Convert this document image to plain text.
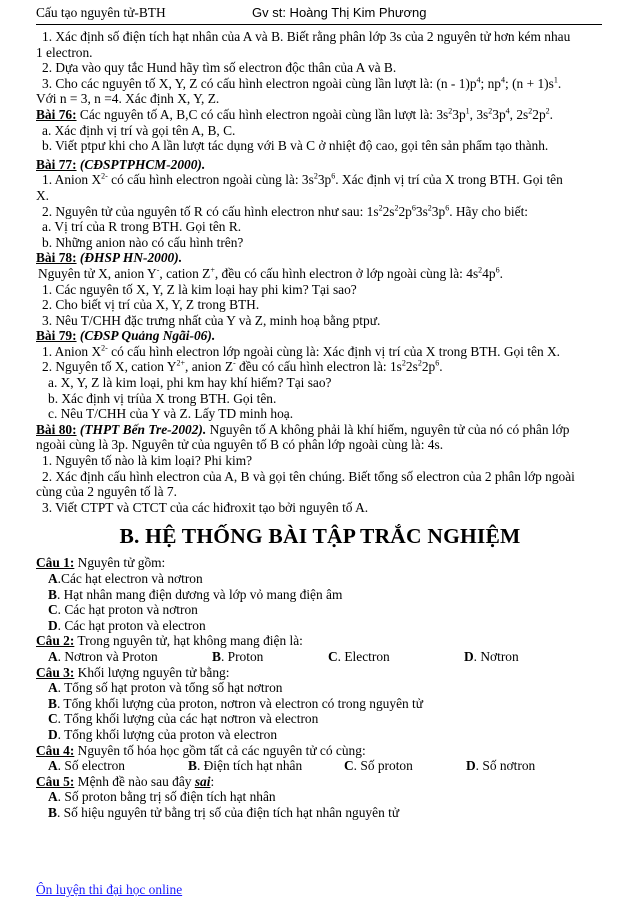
Cấu tạo nguyên tử-BTH	Gv st: Hoàng Thị Kim Phương
1. Xác định số điện tích hạt nhân của A và B. Biết rằng phân lớp 3s của 2 nguyên tử hơn kém nhau
1 electron.
2. Dựa vào quy tắc Hund hãy tìm số electron độc thân của A và B.
3. Cho các nguyên tố X, Y, Z có cấu hình electron ngoài cùng lần lượt là: $(n - 1)p^4$; $np^4$; $(n + 1)s^1$.
Với n = 3, n =4. Xác định X, Y, Z.
Bài 76: Các nguyên tố A, B,C có cấu hình electron ngoài cùng lần lượt là: $3s^23p^1$, $3s^23p^4$, $2s^22p^2$.
a. Xác định vị trí và gọi tên A, B, C.
b. Viết ptpư khi cho A lần lượt tác dụng với B và C ở nhiệt độ cao, gọi tên sản phẩm tạo thành.
Bài 77: (CĐSPTPHCM-2000).
1. Anion $X^{2-}$ có cấu hình electron ngoài cùng là: $3s^23p^6$. Xác định vị trí của X trong BTH. Gọi tên
X.
2. Nguyên tử của nguyên tố R có cấu hình electron như sau: $1s^22s^22p^63s^23p^6$. Hãy cho biết:
a. Vị trí của R trong BTH. Gọi tên R.
b. Những anion nào có cấu hình trên?
Bài 78: (ĐHSP HN-2000).
Nguyên tử X, anion Y-, cation Z+, đều có cấu hình electron ở lớp ngoài cùng là: $4s^24p^6$.
1. Các nguyên tố X, Y, Z là kim loại hay phi kim? Tại sao?
2. Cho biết vị trí của X, Y, Z trong BTH.
3. Nêu T/CHH đặc trưng nhất của Y và Z, minh hoạ bằng ptpư.
Bài 79: (CĐSP Quảng Ngãi-06).
1. Anion $X^{2-}$ có cấu hình electron lớp ngoài cùng là: Xác định vị trí của X trong BTH. Gọi tên X.
2. Nguyên tố X, cation $Y^{2+}$, anion Z- đều có cấu hình electron là: $1s^22s^22p^6$.
a. X, Y, Z là kim loại, phi km hay khí hiếm? Tại sao?
b. Xác định vị tríủa X trong BTH. Gọi tên.
c. Nêu T/CHH của Y và Z. Lấy TD minh hoạ.
Bài 80: (THPT Bến Tre-2002). Nguyên tố A không phải là khí hiếm, nguyên tử của nó có phân lớp
ngoài cùng là 3p. Nguyên tử của nguyên tố B có phân lớp ngoài cùng là: 4s.
1. Nguyên tố nào là kim loại? Phi kim?
2. Xác định cấu hình electron của A, B và gọi tên chúng. Biết tổng số electron của 2 phân lớp ngoài
cùng của 2 nguyên tố là 7.
3. Viết CTPT và CTCT của các hiđroxit tạo bởi nguyên tố A.
B. HỆ THỐNG BÀI TẬP TRẮC NGHIỆM
Câu 1: Nguyên tử gồm:
A.Các hạt electron và nơtron
B. Hạt nhân mang điện dương và lớp vỏ mang điện âm
C. Các hạt proton và nơtron
D. Các hạt proton và electron
Câu 2: Trong nguyên tử, hạt không mang điện là:
A. Nơtron và Proton	B. Proton	C. Electron	D. Nơtron
Câu 3: Khối lượng nguyên tử bằng:
A. Tổng số hạt proton và tổng số hạt nơtron
B. Tổng khối lượng của proton, nơtron và electron có trong nguyên tử
C. Tổng khối lượng của các hạt nơtron và electron
D. Tổng khối lượng của proton và electron
Câu 4: Nguyên tố hóa học gồm tất cả các nguyên tử có cùng:
A. Số electron	B. Điện tích hạt nhân	C. Số proton	D. Số nơtron
Câu 5: Mệnh đề nào sau đây sai:
A. Số proton bằng trị số điện tích hạt nhân
B. Số hiệu nguyên tử bằng trị số của điện tích hạt nhân nguyên tử
Ôn luyện thi đại học online
